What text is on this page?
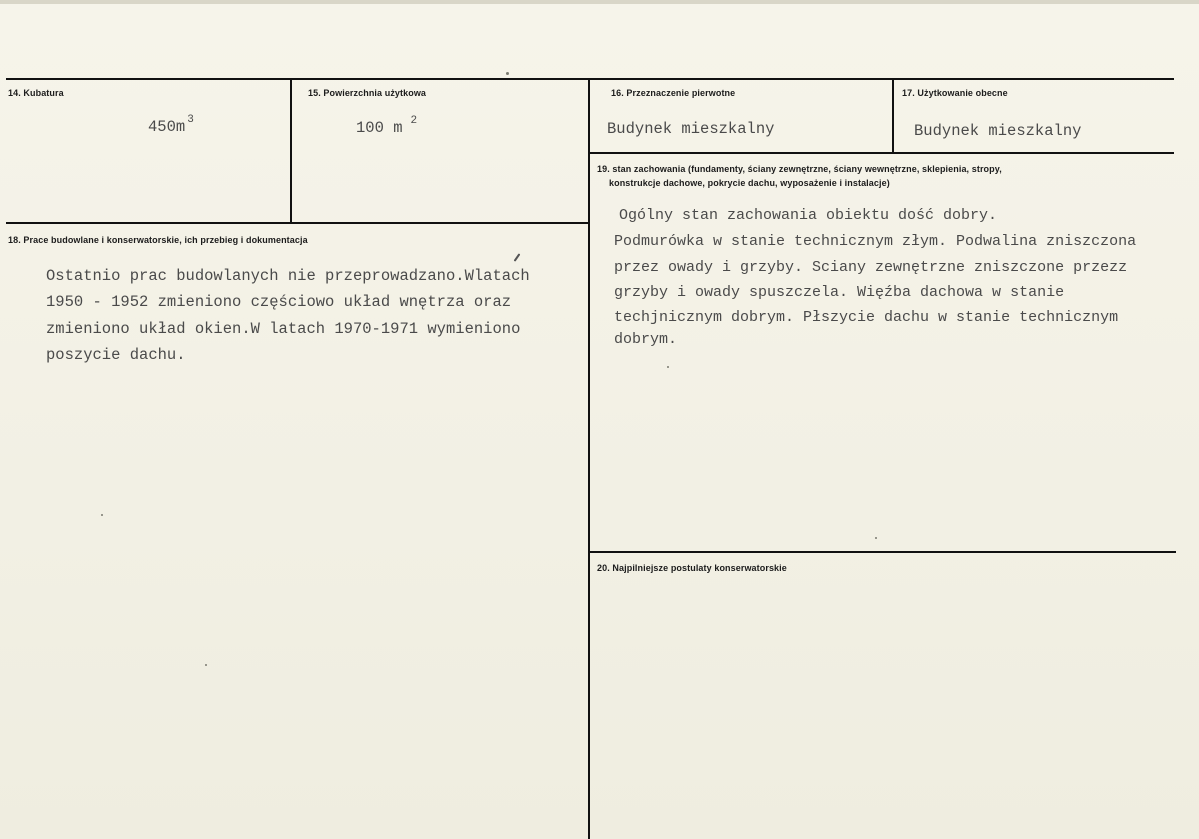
14. Kubatura
450m $^3$
15. Powierzchnia użytkowa
100 m $^2$
16. Przeznaczenie pierwotne
Budynek mieszkalny
17. Użytkowanie obecne
Budynek mieszkalny
18. Prace budowlane i konserwatorskie, ich przebieg i dokumentacja
Ostatnio prac budowlanych nie przeprowadzano.Wlatach
1950 - 1952 zmieniono częściowo układ wnętrza oraz
zmieniono układ okien.W latach 1970-1971 wymieniono
poszycie dachu.
19. stan zachowania (fundamenty, ściany zewnętrzne, ściany wewnętrzne, sklepienia, stropy,
konstrukcje dachowe, pokrycie dachu, wyposażenie i instalacje)
Ogólny stan zachowania obiektu dość dobry.
Podmurówka w stanie technicznym złym. Podwalina zniszczona
przez owady i grzyby. Sciany zewnętrzne zniszczone przezz
grzyby i owady spuszczela. Więźba dachowa w stanie
techjnicznym dobrym. Płszycie dachu w stanie technicznym
dobrym.
20. Najpilniejsze postulaty konserwatorskie
